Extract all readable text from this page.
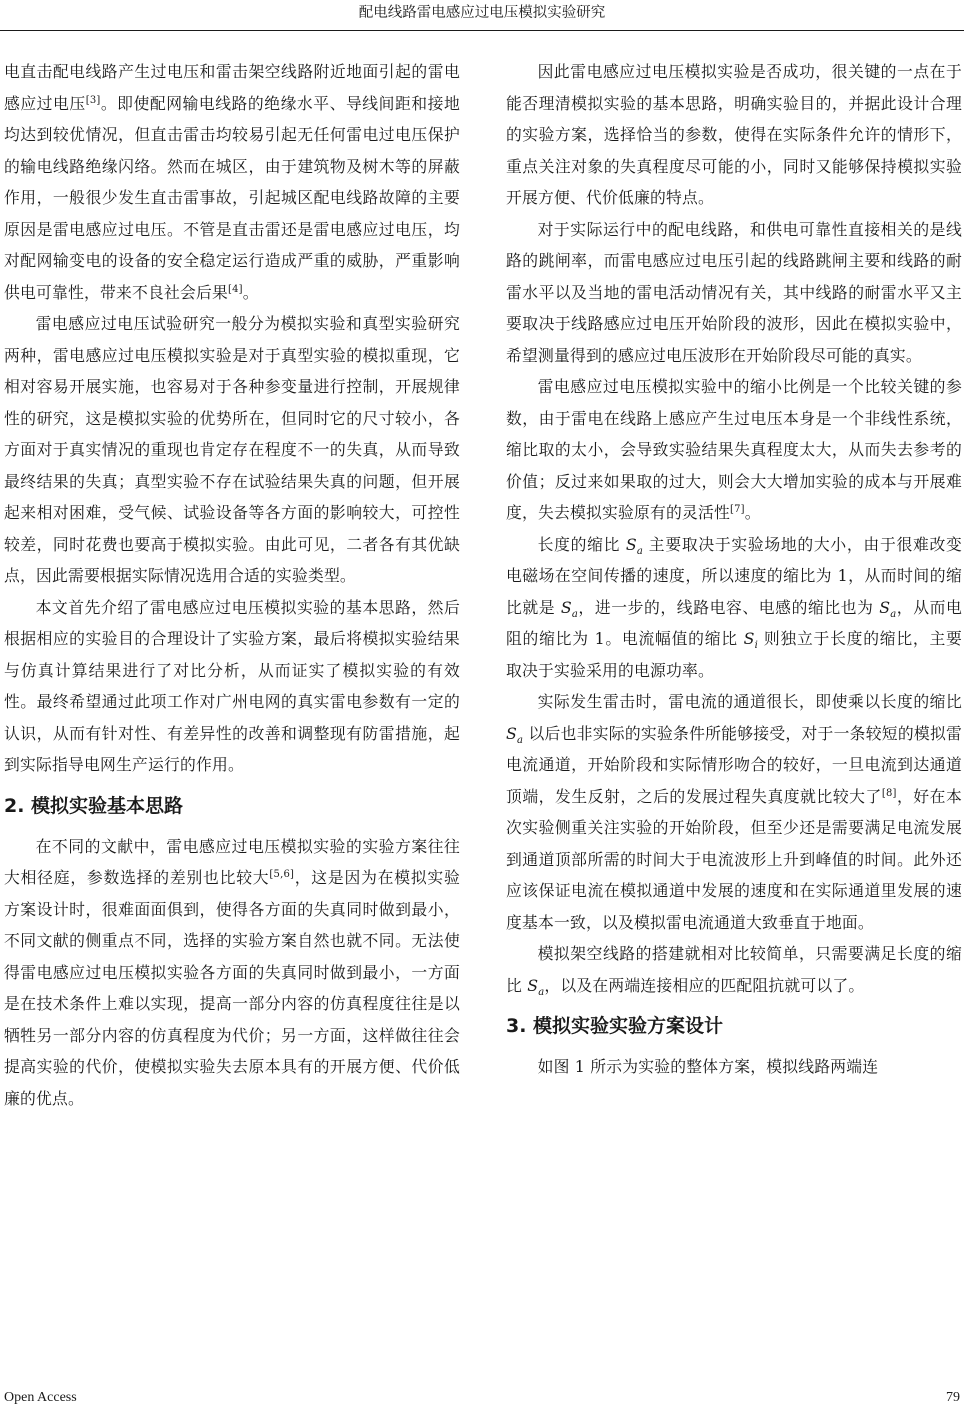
配电线路雷电感应过电压模拟实验研究

电直击配电线路产生过电压和雷击架空线路附近地面引起的雷电感应过电压[3]。即使配网输电线路的绝缘水平、导线间距和接地均达到较优情况，但直击雷击均较易引起无任何雷电过电压保护的输电线路绝缘闪络。然而在城区，由于建筑物及树木等的屏蔽作用，一般很少发生直击雷事故，引起城区配电线路故障的主要原因是雷电感应过电压。不管是直击雷还是雷电感应过电压，均对配网输变电的设备的安全稳定运行造成严重的威胁，严重影响供电可靠性，带来不良社会后果[4]。

雷电感应过电压试验研究一般分为模拟实验和真型实验研究两种，雷电感应过电压模拟实验是对于真型实验的模拟重现，它相对容易开展实施，也容易对于各种参变量进行控制，开展规律性的研究，这是模拟实验的优势所在，但同时它的尺寸较小，各方面对于真实情况的重现也肯定存在程度不一的失真，从而导致最终结果的失真；真型实验不存在试验结果失真的问题，但开展起来相对困难，受气候、试验设备等各方面的影响较大，可控性较差，同时花费也要高于模拟实验。由此可见，二者各有其优缺点，因此需要根据实际情况选用合适的实验类型。

本文首先介绍了雷电感应过电压模拟实验的基本思路，然后根据相应的实验目的合理设计了实验方案，最后将模拟实验结果与仿真计算结果进行了对比分析，从而证实了模拟实验的有效性。最终希望通过此项工作对广州电网的真实雷电参数有一定的认识，从而有针对性、有差异性的改善和调整现有防雷措施，起到实际指导电网生产运行的作用。

2. 模拟实验基本思路

在不同的文献中，雷电感应过电压模拟实验的实验方案往往大相径庭，参数选择的差别也比较大[5,6]，这是因为在模拟实验方案设计时，很难面面俱到，使得各方面的失真同时做到最小，不同文献的侧重点不同，选择的实验方案自然也就不同。无法使得雷电感应过电压模拟实验各方面的失真同时做到最小，一方面是在技术条件上难以实现，提高一部分内容的仿真程度往往是以牺牲另一部分内容的仿真程度为代价；另一方面，这样做往往会提高实验的代价，使模拟实验失去原本具有的开展方便、代价低廉的优点。

因此雷电感应过电压模拟实验是否成功，很关键的一点在于能否理清模拟实验的基本思路，明确实验目的，并据此设计合理的实验方案，选择恰当的参数，使得在实际条件允许的情形下，重点关注对象的失真程度尽可能的小，同时又能够保持模拟实验开展方便、代价低廉的特点。

对于实际运行中的配电线路，和供电可靠性直接相关的是线路的跳闸率，而雷电感应过电压引起的线路跳闸主要和线路的耐雷水平以及当地的雷电活动情况有关，其中线路的耐雷水平又主要取决于线路感应过电压开始阶段的波形，因此在模拟实验中，希望测量得到的感应过电压波形在开始阶段尽可能的真实。

雷电感应过电压模拟实验中的缩小比例是一个比较关键的参数，由于雷电在线路上感应产生过电压本身是一个非线性系统，缩比取的太小，会导致实验结果失真程度太大，从而失去参考的价值；反过来如果取的过大，则会大大增加实验的成本与开展难度，失去模拟实验原有的灵活性[7]。

长度的缩比 $S_a$ 主要取决于实验场地的大小，由于很难改变电磁场在空间传播的速度，所以速度的缩比为 1，从而时间的缩比就是 $S_a$，进一步的，线路电容、电感的缩比也为 $S_a$，从而电阻的缩比为 1。电流幅值的缩比 $S_i$ 则独立于长度的缩比，主要取决于实验采用的电源功率。

实际发生雷击时，雷电流的通道很长，即使乘以长度的缩比 $S_a$ 以后也非实际的实验条件所能够接受，对于一条较短的模拟雷电流通道，开始阶段和实际情形吻合的较好，一旦电流到达通道顶端，发生反射，之后的发展过程失真度就比较大了[8]，好在本次实验侧重关注实验的开始阶段，但至少还是需要满足电流发展到通道顶部所需的时间大于电流波形上升到峰值的时间。此外还应该保证电流在模拟通道中发展的速度和在实际通道里发展的速度基本一致，以及模拟雷电流通道大致垂直于地面。

模拟架空线路的搭建就相对比较简单，只需要满足长度的缩比 $S_a$，以及在两端连接相应的匹配阻抗就可以了。

3. 模拟实验实验方案设计

如图 1 所示为实验的整体方案，模拟线路两端连

Open Access	79
